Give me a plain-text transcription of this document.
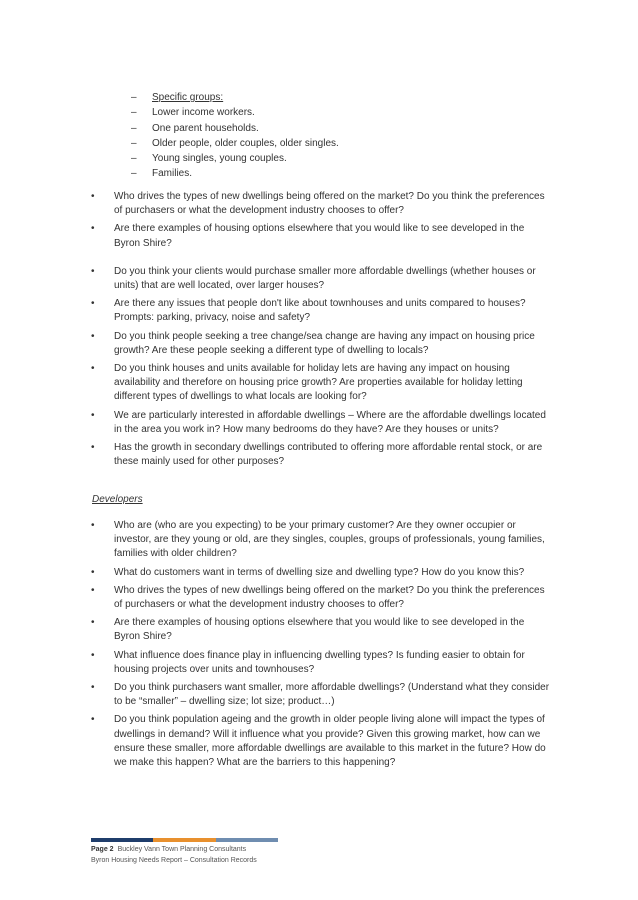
– Specific groups:
– Lower income workers.
– One parent households.
– Older people, older couples, older singles.
– Young singles, young couples.
– Families.
• Who drives the types of new dwellings being offered on the market? Do you think the preferences of purchasers or what the development industry chooses to offer?
• Are there examples of housing options elsewhere that you would like to see developed in the Byron Shire?
• Do you think your clients would purchase smaller more affordable dwellings (whether houses or units) that are well located, over larger houses?
• Are there any issues that people don't like about townhouses and units compared to houses? Prompts: parking, privacy, noise and safety?
• Do you think people seeking a tree change/sea change are having any impact on housing price growth? Are these people seeking a different type of dwelling to locals?
• Do you think houses and units available for holiday lets are having any impact on housing availability and therefore on housing price growth? Are properties available for holiday letting different types of dwellings to what locals are looking for?
• We are particularly interested in affordable dwellings – Where are the affordable dwellings located in the area you work in? How many bedrooms do they have? Are they houses or units?
• Has the growth in secondary dwellings contributed to offering more affordable rental stock, or are these mainly used for other purposes?
Developers
• Who are (who are you expecting) to be your primary customer? Are they owner occupier or investor, are they young or old, are they singles, couples, groups of professionals, young families, families with older children?
• What do customers want in terms of dwelling size and dwelling type? How do you know this?
• Who drives the types of new dwellings being offered on the market? Do you think the preferences of purchasers or what the development industry chooses to offer?
• Are there examples of housing options elsewhere that you would like to see developed in the Byron Shire?
• What influence does finance play in influencing dwelling types? Is funding easier to obtain for housing projects over units and townhouses?
• Do you think purchasers want smaller, more affordable dwellings? (Understand what they consider to be “smaller” – dwelling size; lot size; product…)
• Do you think population ageing and the growth in older people living alone will impact the types of dwellings in demand? Will it influence what you provide? Given this growing market, how can we ensure these smaller, more affordable dwellings are available to this market in the future? How do we make this happen? What are the barriers to this happening?
Page 2 Buckley Vann Town Planning Consultants
Byron Housing Needs Report – Consultation Records
